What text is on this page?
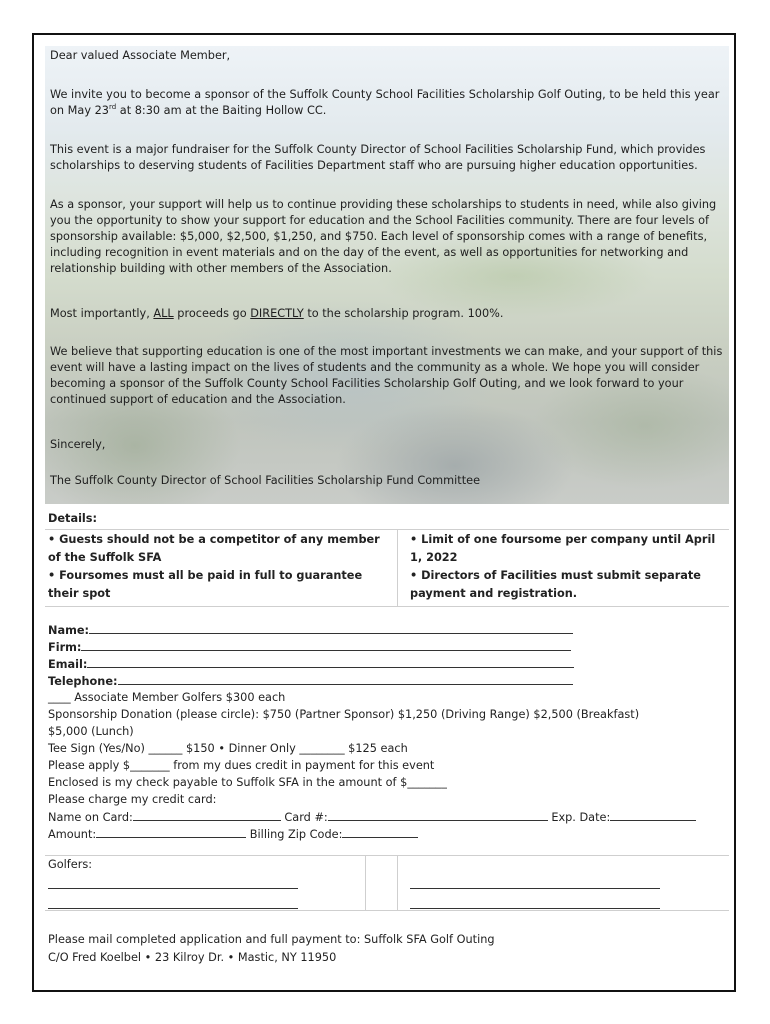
Dear valued Associate Member,

We invite you to become a sponsor of the Suffolk County School Facilities Scholarship Golf Outing, to be held this year on May 23rd at 8:30 am at the Baiting Hollow CC.

This event is a major fundraiser for the Suffolk County Director of School Facilities Scholarship Fund, which provides scholarships to deserving students of Facilities Department staff who are pursuing higher education opportunities.

As a sponsor, your support will help us to continue providing these scholarships to students in need, while also giving you the opportunity to show your support for education and the School Facilities community. There are four levels of sponsorship available: $5,000, $2,500, $1,250, and $750. Each level of sponsorship comes with a range of benefits, including recognition in event materials and on the day of the event, as well as opportunities for networking and relationship building with other members of the Association.

Most importantly, ALL proceeds go DIRECTLY to the scholarship program. 100%.

We believe that supporting education is one of the most important investments we can make, and your support of this event will have a lasting impact on the lives of students and the community as a whole. We hope you will consider becoming a sponsor of the Suffolk County School Facilities Scholarship Golf Outing, and we look forward to your continued support of education and the Association.

Sincerely,

The Suffolk County Director of School Facilities Scholarship Fund Committee

Details:
• Guests should not be a competitor of any member of the Suffolk SFA
• Foursomes must all be paid in full to guarantee their spot
• Limit of one foursome per company until April 1, 2022
• Directors of Facilities must submit separate payment and registration.
Name:
Firm:
Email:
Telephone:
____ Associate Member Golfers $300 each
Sponsorship Donation (please circle): $750 (Partner Sponsor) $1,250 (Driving Range) $2,500 (Breakfast)
$5,000 (Lunch)
Tee Sign (Yes/No) ______ $150 • Dinner Only ________ $125 each
Please apply $_______ from my dues credit in payment for this event
Enclosed is my check payable to Suffolk SFA in the amount of $_______
Please charge my credit card:
Name on Card:	Card #:	Exp. Date:
Amount:	Billing Zip Code:
Golfers:
Please mail completed application and full payment to: Suffolk SFA Golf Outing
C/O Fred Koelbel • 23 Kilroy Dr. • Mastic, NY 11950
